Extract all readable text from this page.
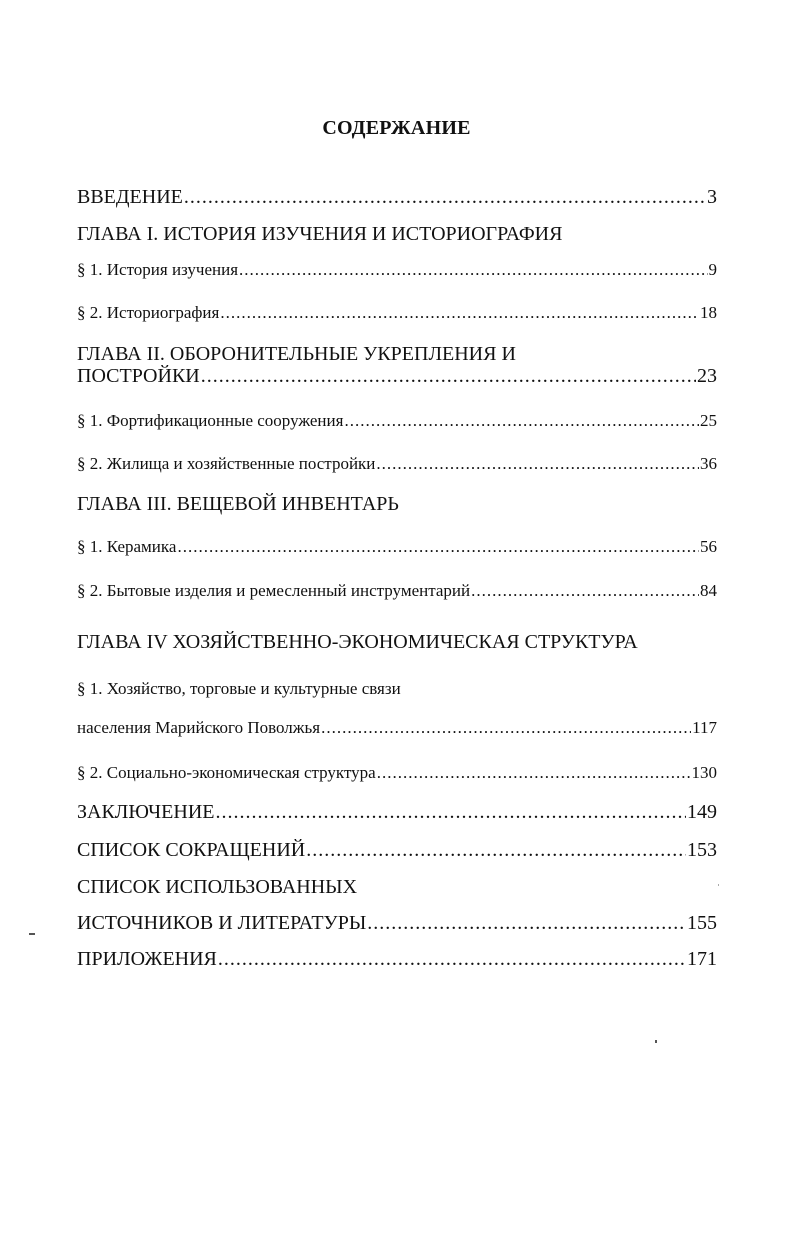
СОДЕРЖАНИЕ
ВВЕДЕНИЕ .....	3
ГЛАВА I. ИСТОРИЯ ИЗУЧЕНИЯ И ИСТОРИОГРАФИЯ
§ 1. История изучения .....	9
§ 2. Историография .....	18
ГЛАВА II. ОБОРОНИТЕЛЬНЫЕ УКРЕПЛЕНИЯ И
ПОСТРОЙКИ .....	23
§ 1. Фортификационные сооружения .....	25
§ 2. Жилища и хозяйственные постройки .....	36
ГЛАВА III. ВЕЩЕВОЙ ИНВЕНТАРЬ
§ 1. Керамика .....	56
§ 2. Бытовые изделия и ремесленный инструментарий .....	84
ГЛАВА IV ХОЗЯЙСТВЕННО-ЭКОНОМИЧЕСКАЯ СТРУКТУРА
§ 1. Хозяйство, торговые и культурные связи
населения Марийского Поволжья .....	117
§ 2. Социально-экономическая структура .....	130
ЗАКЛЮЧЕНИЕ .....	149
СПИСОК СОКРАЩЕНИЙ .....	153
СПИСОК ИСПОЛЬЗОВАННЫХ
ИСТОЧНИКОВ И ЛИТЕРАТУРЫ .....	155
ПРИЛОЖЕНИЯ .....	171
